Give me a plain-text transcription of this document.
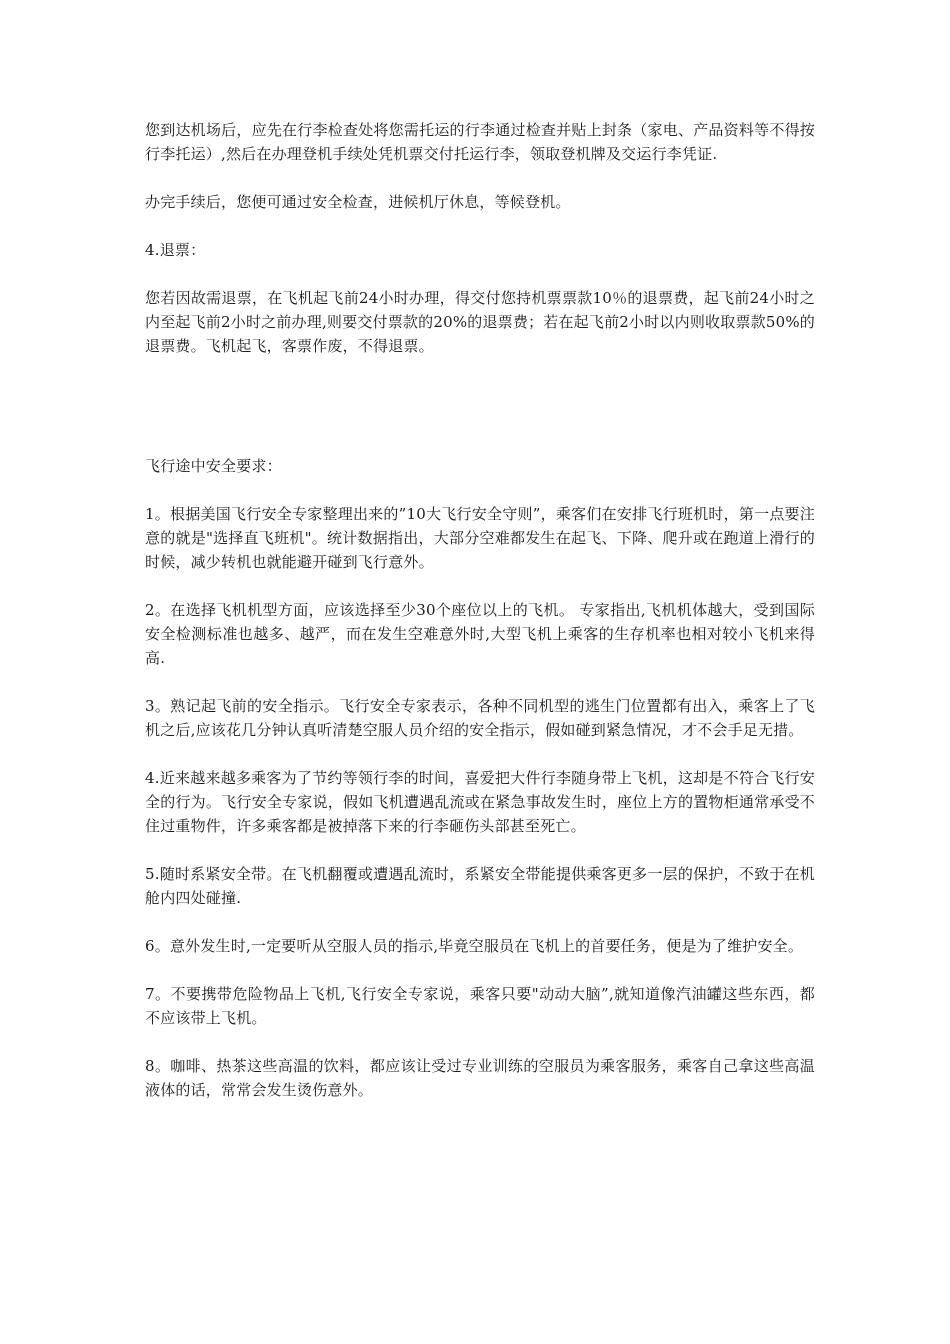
您到达机场后，应先在行李检查处将您需托运的行李通过检查并贴上封条（家电、产品资料等不得按行李托运）,然后在办理登机手续处凭机票交付托运行李，领取登机牌及交运行李凭证.

办完手续后，您便可通过安全检查，进候机厅休息，等候登机。

4.退票：

您若因故需退票，在飞机起飞前24小时办理，得交付您持机票票款10％的退票费，起飞前24小时之内至起飞前2小时之前办理,则要交付票款的20%的退票费；若在起飞前2小时以内则收取票款50%的退票费。飞机起飞，客票作废，不得退票。

飞行途中安全要求：

1。根据美国飞行安全专家整理出来的”10大飞行安全守则”，乘客们在安排飞行班机时，第一点要注意的就是"选择直飞班机"。统计数据指出，大部分空难都发生在起飞、下降、爬升或在跑道上滑行的时候，减少转机也就能避开碰到飞行意外。

2。在选择飞机机型方面，应该选择至少30个座位以上的飞机。 专家指出,飞机机体越大，受到国际安全检测标准也越多、越严，而在发生空难意外时,大型飞机上乘客的生存机率也相对较小飞机来得高.

3。熟记起飞前的安全指示。飞行安全专家表示，各种不同机型的逃生门位置都有出入，乘客上了飞机之后,应该花几分钟认真听清楚空服人员介绍的安全指示，假如碰到紧急情况，才不会手足无措。

4.近来越来越多乘客为了节约等领行李的时间，喜爱把大件行李随身带上飞机，这却是不符合飞行安全的行为。飞行安全专家说，假如飞机遭遇乱流或在紧急事故发生时，座位上方的置物柜通常承受不住过重物件，许多乘客都是被掉落下来的行李砸伤头部甚至死亡。

5.随时系紧安全带。在飞机翻覆或遭遇乱流时，系紧安全带能提供乘客更多一层的保护，不致于在机舱内四处碰撞.

6。意外发生时,一定要听从空服人员的指示,毕竟空服员在飞机上的首要任务，便是为了维护安全。

7。不要携带危险物品上飞机,飞行安全专家说，乘客只要"动动大脑”,就知道像汽油罐这些东西，都不应该带上飞机。

8。咖啡、热茶这些高温的饮料，都应该让受过专业训练的空服员为乘客服务，乘客自己拿这些高温液体的话，常常会发生烫伤意外。
